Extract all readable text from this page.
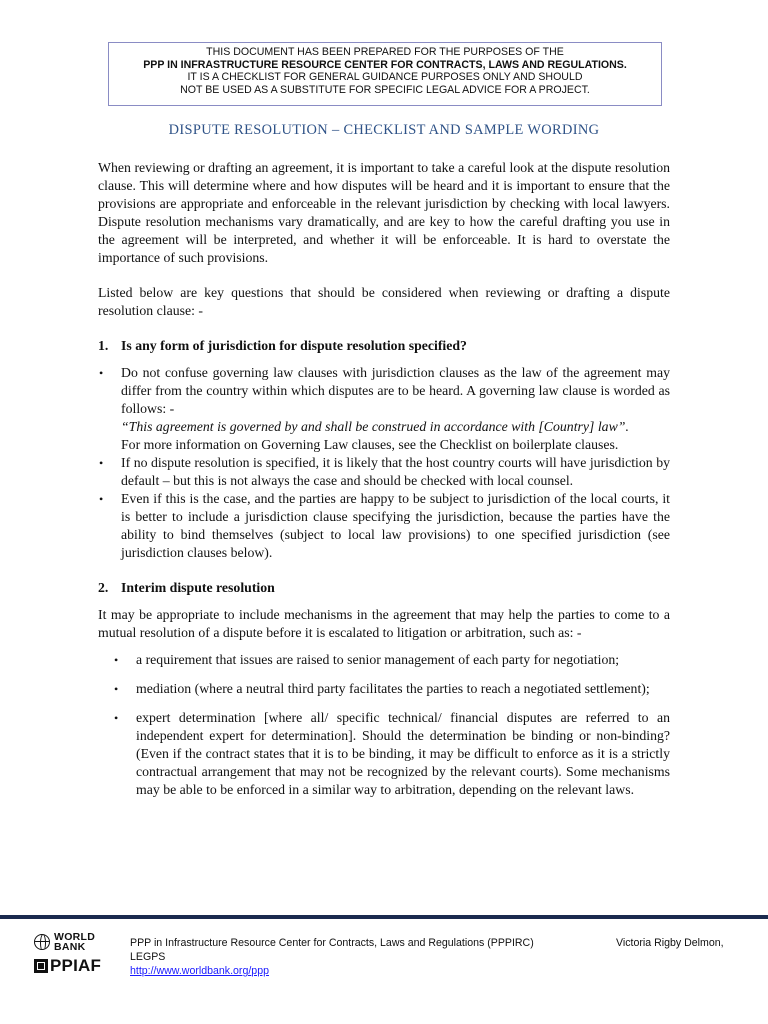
THIS DOCUMENT HAS BEEN PREPARED FOR THE PURPOSES OF THE
PPP IN INFRASTRUCTURE RESOURCE CENTER FOR CONTRACTS, LAWS AND REGULATIONS.
IT IS A CHECKLIST FOR GENERAL GUIDANCE PURPOSES ONLY AND SHOULD
NOT BE USED AS A SUBSTITUTE FOR SPECIFIC LEGAL ADVICE FOR A PROJECT.
DISPUTE RESOLUTION – CHECKLIST AND SAMPLE WORDING

When reviewing or drafting an agreement, it is important to take a careful look at the dispute resolution clause. This will determine where and how disputes will be heard and it is important to ensure that the provisions are appropriate and enforceable in the relevant jurisdiction by checking with local lawyers. Dispute resolution mechanisms vary dramatically, and are key to how the careful drafting you use in the agreement will be interpreted, and whether it will be enforceable. It is hard to overstate the importance of such provisions.

Listed below are key questions that should be considered when reviewing or drafting a dispute resolution clause: -

1. Is any form of jurisdiction for dispute resolution specified?
• Do not confuse governing law clauses with jurisdiction clauses as the law of the agreement may differ from the country within which disputes are to be heard. A governing law clause is worded as follows: -
“This agreement is governed by and shall be construed in accordance with [Country] law”.
For more information on Governing Law clauses, see the Checklist on boilerplate clauses.
• If no dispute resolution is specified, it is likely that the host country courts will have jurisdiction by default – but this is not always the case and should be checked with local counsel.
• Even if this is the case, and the parties are happy to be subject to jurisdiction of the local courts, it is better to include a jurisdiction clause specifying the jurisdiction, because the parties have the ability to bind themselves (subject to local law provisions) to one specified jurisdiction (see jurisdiction clauses below).
2. Interim dispute resolution

It may be appropriate to include mechanisms in the agreement that may help the parties to come to a mutual resolution of a dispute before it is escalated to litigation or arbitration, such as: -

• a requirement that issues are raised to senior management of each party for negotiation;
• mediation (where a neutral third party facilitates the parties to reach a negotiated settlement);
• expert determination [where all/ specific technical/ financial disputes are referred to an independent expert for determination]. Should the determination be binding or non-binding? (Even if the contract states that it is to be binding, it may be difficult to enforce as it is a strictly contractual arrangement that may not be recognized by the relevant courts). Some mechanisms may be able to be enforced in a similar way to arbitration, depending on the relevant laws.
WORLD
BANK
PPIAF
PPP in Infrastructure Resource Center for Contracts, Laws and Regulations (PPPIRC)
LEGPS
http://www.worldbank.org/ppp
Victoria Rigby Delmon,
